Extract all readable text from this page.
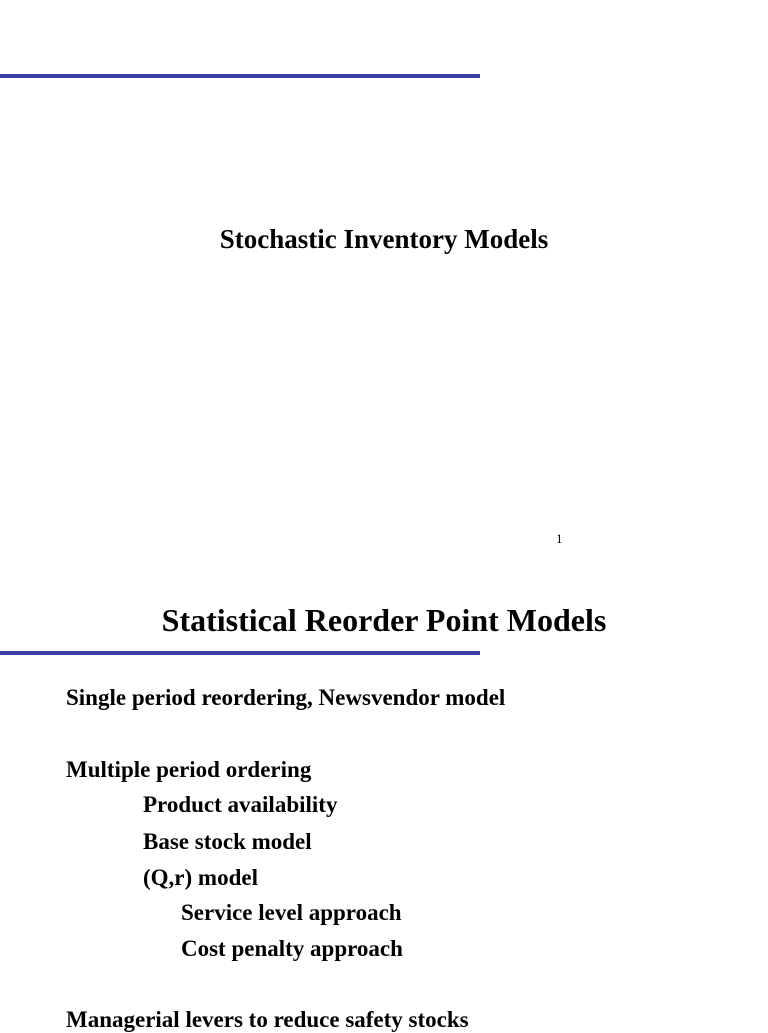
Stochastic Inventory Models
1
Statistical Reorder Point Models
Single period reordering, Newsvendor model
Multiple period ordering
Product availability
Base stock model
(Q,r) model
Service level approach
Cost penalty approach
Managerial levers to reduce safety stocks
